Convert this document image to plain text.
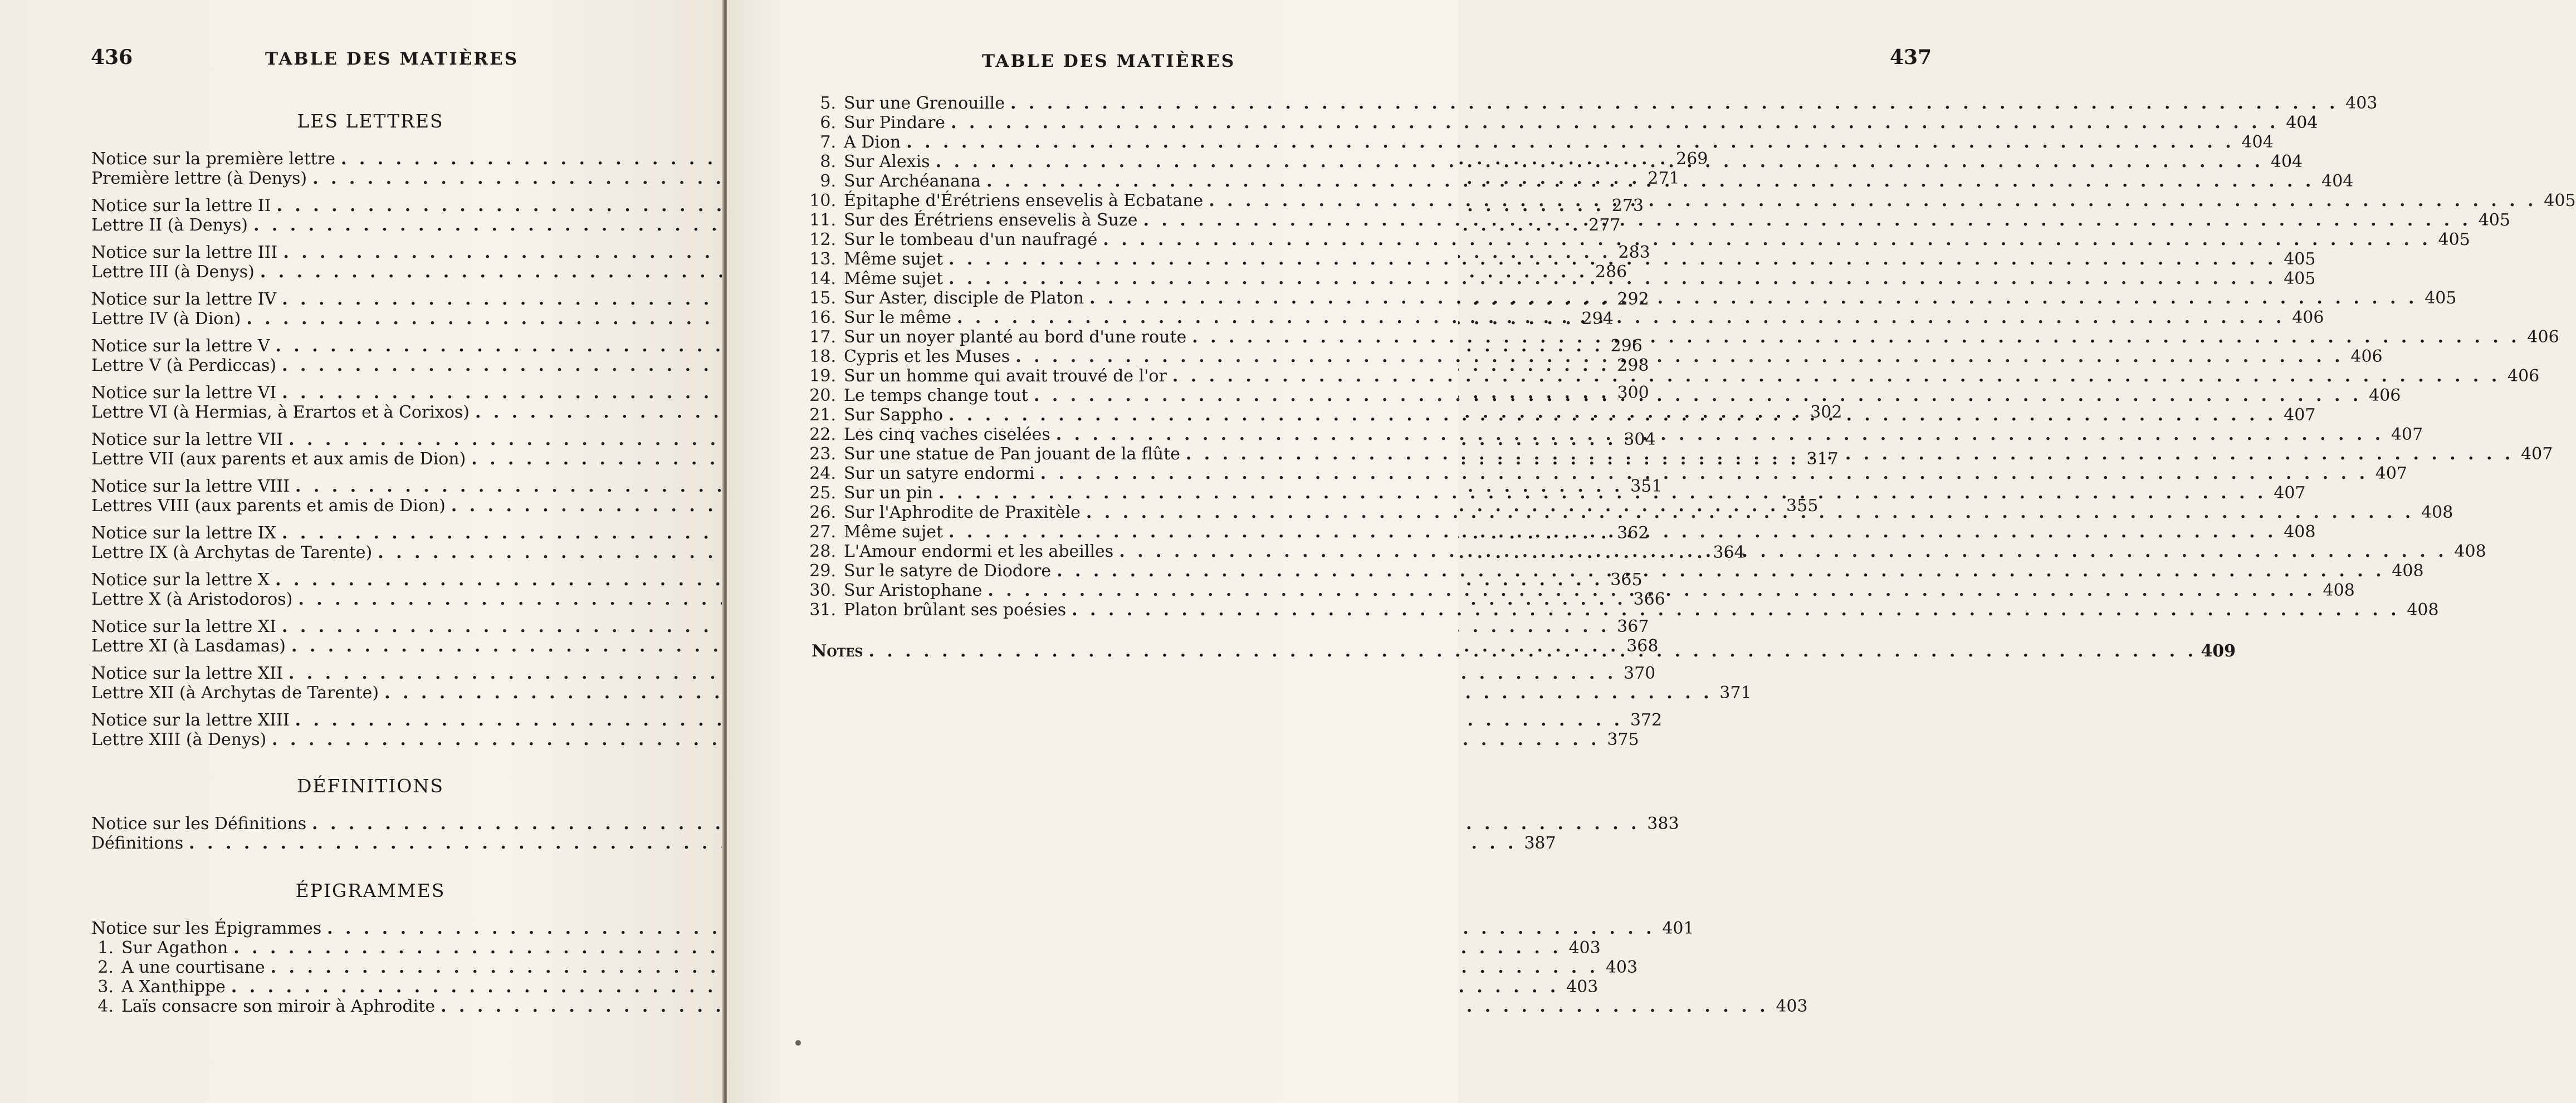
436	TABLE DES MATIÈRES
LES LETTRES
Notice sur la première lettre . . .	269
Première lettre (à Denys) . . .	271
Notice sur la lettre II . . .	273
Lettre II (à Denys) . . .	277
Notice sur la lettre III . . .	283
Lettre III (à Denys) . . .	286
Notice sur la lettre IV . . .	292
Lettre IV (à Dion) . . .	294
Notice sur la lettre V . . .	296
Lettre V (à Perdiccas) . . .	298
Notice sur la lettre VI . . .	300
Lettre VI (à Hermias, à Erartos et à Corixos) . . .	302
Notice sur la lettre VII . . .	304
Lettre VII (aux parents et aux amis de Dion) . . .	317
Notice sur la lettre VIII . . .	351
Lettres VIII (aux parents et amis de Dion) . . .	355
Notice sur la lettre IX . . .	362
Lettre IX (à Archytas de Tarente) . . .	364
Notice sur la lettre X . . .	365
Lettre X (à Aristodoros) . . .	366
Notice sur la lettre XI . . .	367
Lettre XI (à Lasdamas) . . .	368
Notice sur la lettre XII . . .	370
Lettre XII (à Archytas de Tarente) . . .	371
Notice sur la lettre XIII . . .	372
Lettre XIII (à Denys) . . .	375
DÉFINITIONS
Notice sur les Définitions . . .	383
Définitions . . .	387
ÉPIGRAMMES
Notice sur les Épigrammes . . .	401
1. Sur Agathon . . .	403
2. A une courtisane . . .	403
3. A Xanthippe . . .	403
4. Laïs consacre son miroir à Aphrodite . . .	403
TABLE DES MATIÈRES	437
5. Sur une Grenouille . . .	403
6. Sur Pindare . . .	404
7. A Dion . . .	404
8. Sur Alexis . . .	404
9. Sur Archéanana . . .	404
10. Épitaphe d'Érétriens ensevelis à Ecbatane . . .	405
11. Sur des Érétriens ensevelis à Suze . . .	405
12. Sur le tombeau d'un naufragé . . .	405
13. Même sujet . . .	405
14. Même sujet . . .	405
15. Sur Aster, disciple de Platon . . .	405
16. Sur le même . . .	406
17. Sur un noyer planté au bord d'une route . . .	406
18. Cypris et les Muses . . .	406
19. Sur un homme qui avait trouvé de l'or . . .	406
20. Le temps change tout . . .	406
21. Sur Sappho . . .	407
22. Les cinq vaches ciselées . . .	407
23. Sur une statue de Pan jouant de la flûte . . .	407
24. Sur un satyre endormi . . .	407
25. Sur un pin . . .	407
26. Sur l'Aphrodite de Praxitèle . . .	408
27. Même sujet . . .	408
28. L'Amour endormi et les abeilles . . .	408
29. Sur le satyre de Diodore . . .	408
30. Sur Aristophane . . .	408
31. Platon brûlant ses poésies . . .	408
Notes . . .	409
